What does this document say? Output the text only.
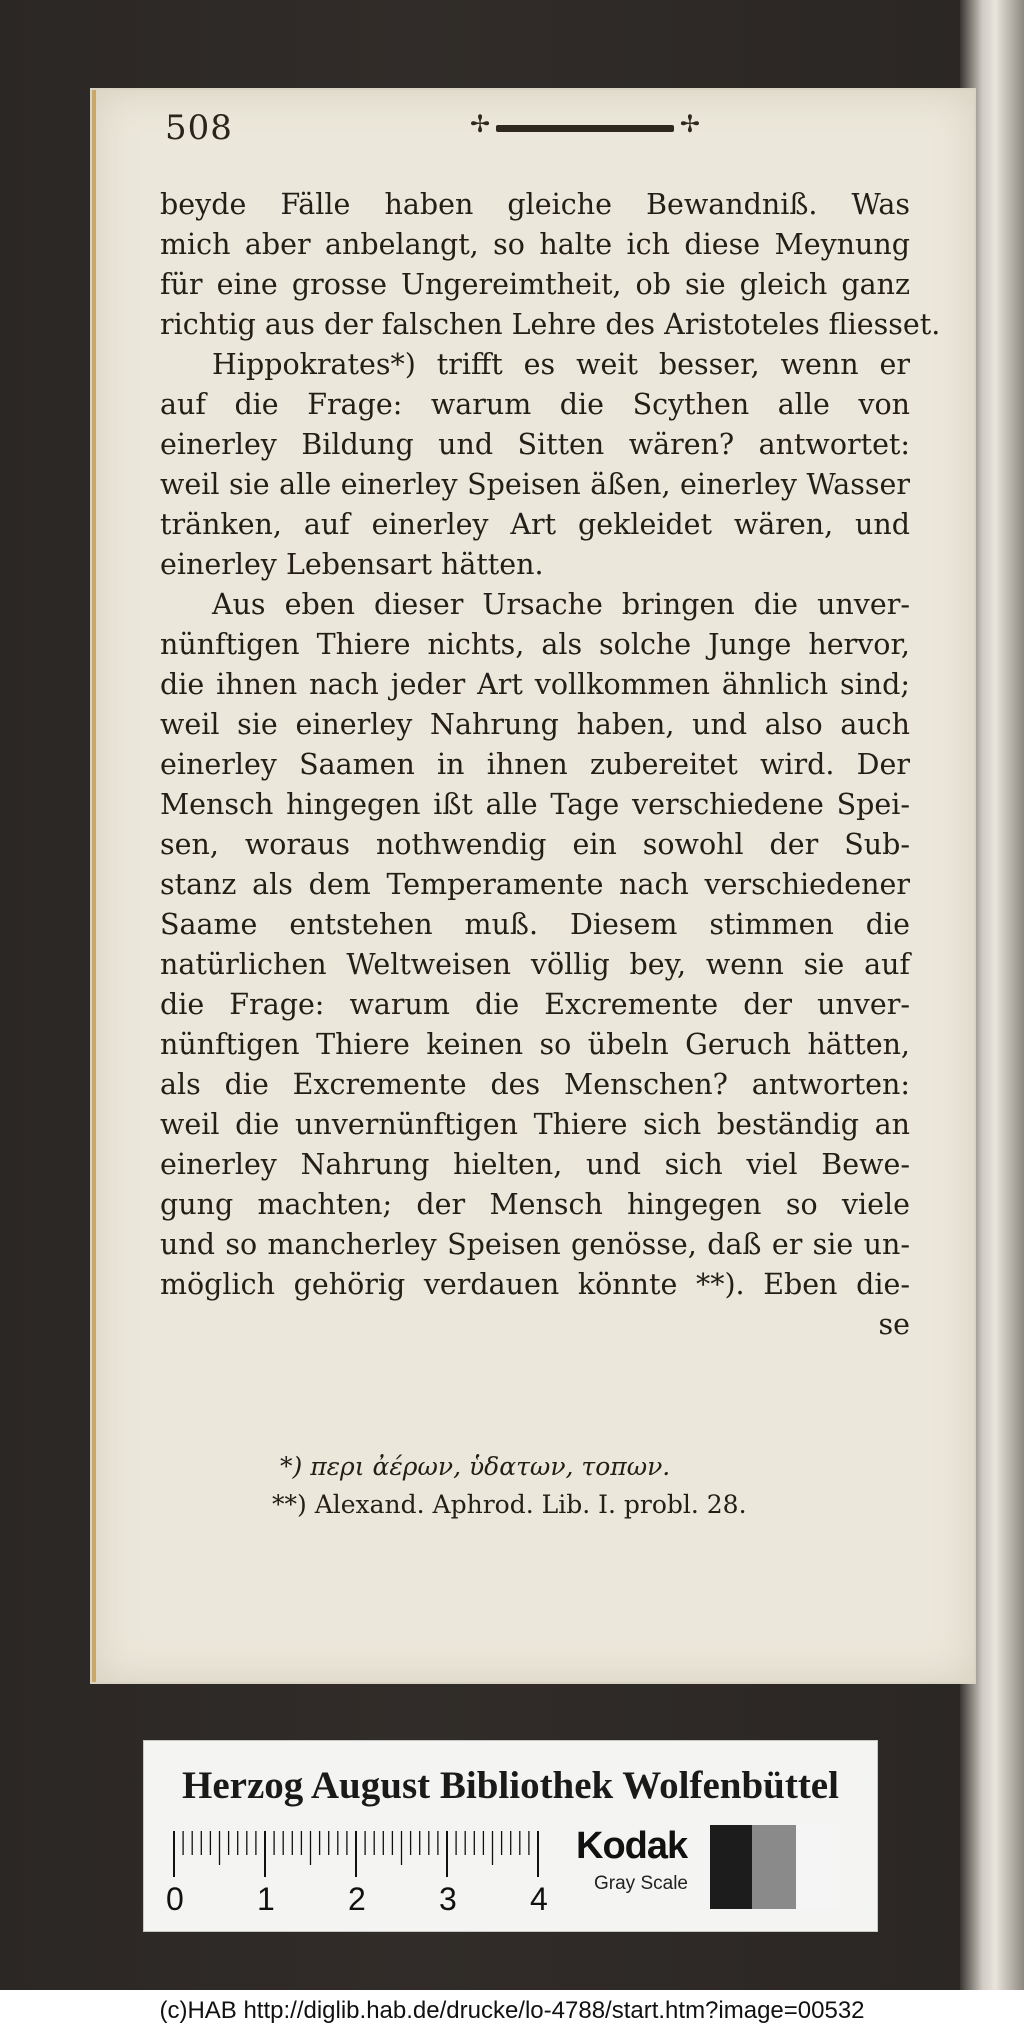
508	✢	✢
beyde Fälle haben gleiche Bewandniß. Was
mich aber anbelangt, so halte ich diese Meynung
für eine grosse Ungereimtheit, ob sie gleich ganz
richtig aus der falschen Lehre des Aristoteles fliesset.
Hippokrates*) trifft es weit besser, wenn er
auf die Frage: warum die Scythen alle von
einerley Bildung und Sitten wären? antwortet:
weil sie alle einerley Speisen äßen, einerley Wasser
tränken, auf einerley Art gekleidet wären, und
einerley Lebensart hätten.
Aus eben dieser Ursache bringen die unver-
nünftigen Thiere nichts, als solche Junge hervor,
die ihnen nach jeder Art vollkommen ähnlich sind;
weil sie einerley Nahrung haben, und also auch
einerley Saamen in ihnen zubereitet wird. Der
Mensch hingegen ißt alle Tage verschiedene Spei-
sen, woraus nothwendig ein sowohl der Sub-
stanz als dem Temperamente nach verschiedener
Saame entstehen muß. Diesem stimmen die
natürlichen Weltweisen völlig bey, wenn sie auf
die Frage: warum die Excremente der unver-
nünftigen Thiere keinen so übeln Geruch hätten,
als die Excremente des Menschen? antworten:
weil die unvernünftigen Thiere sich beständig an
einerley Nahrung hielten, und sich viel Bewe-
gung machten; der Mensch hingegen so viele
und so mancherley Speisen genösse, daß er sie un-
möglich gehörig verdauen könnte **). Eben die-
se
*) περι ἀέρων, ὑδατων, τοπων.
**) Alexand. Aphrod. Lib. I. probl. 28.
Herzog August Bibliothek Wolfenbüttel
0 1 2 3 4
Kodak
Gray Scale
(c)HAB http://diglib.hab.de/drucke/lo-4788/start.htm?image=00532
